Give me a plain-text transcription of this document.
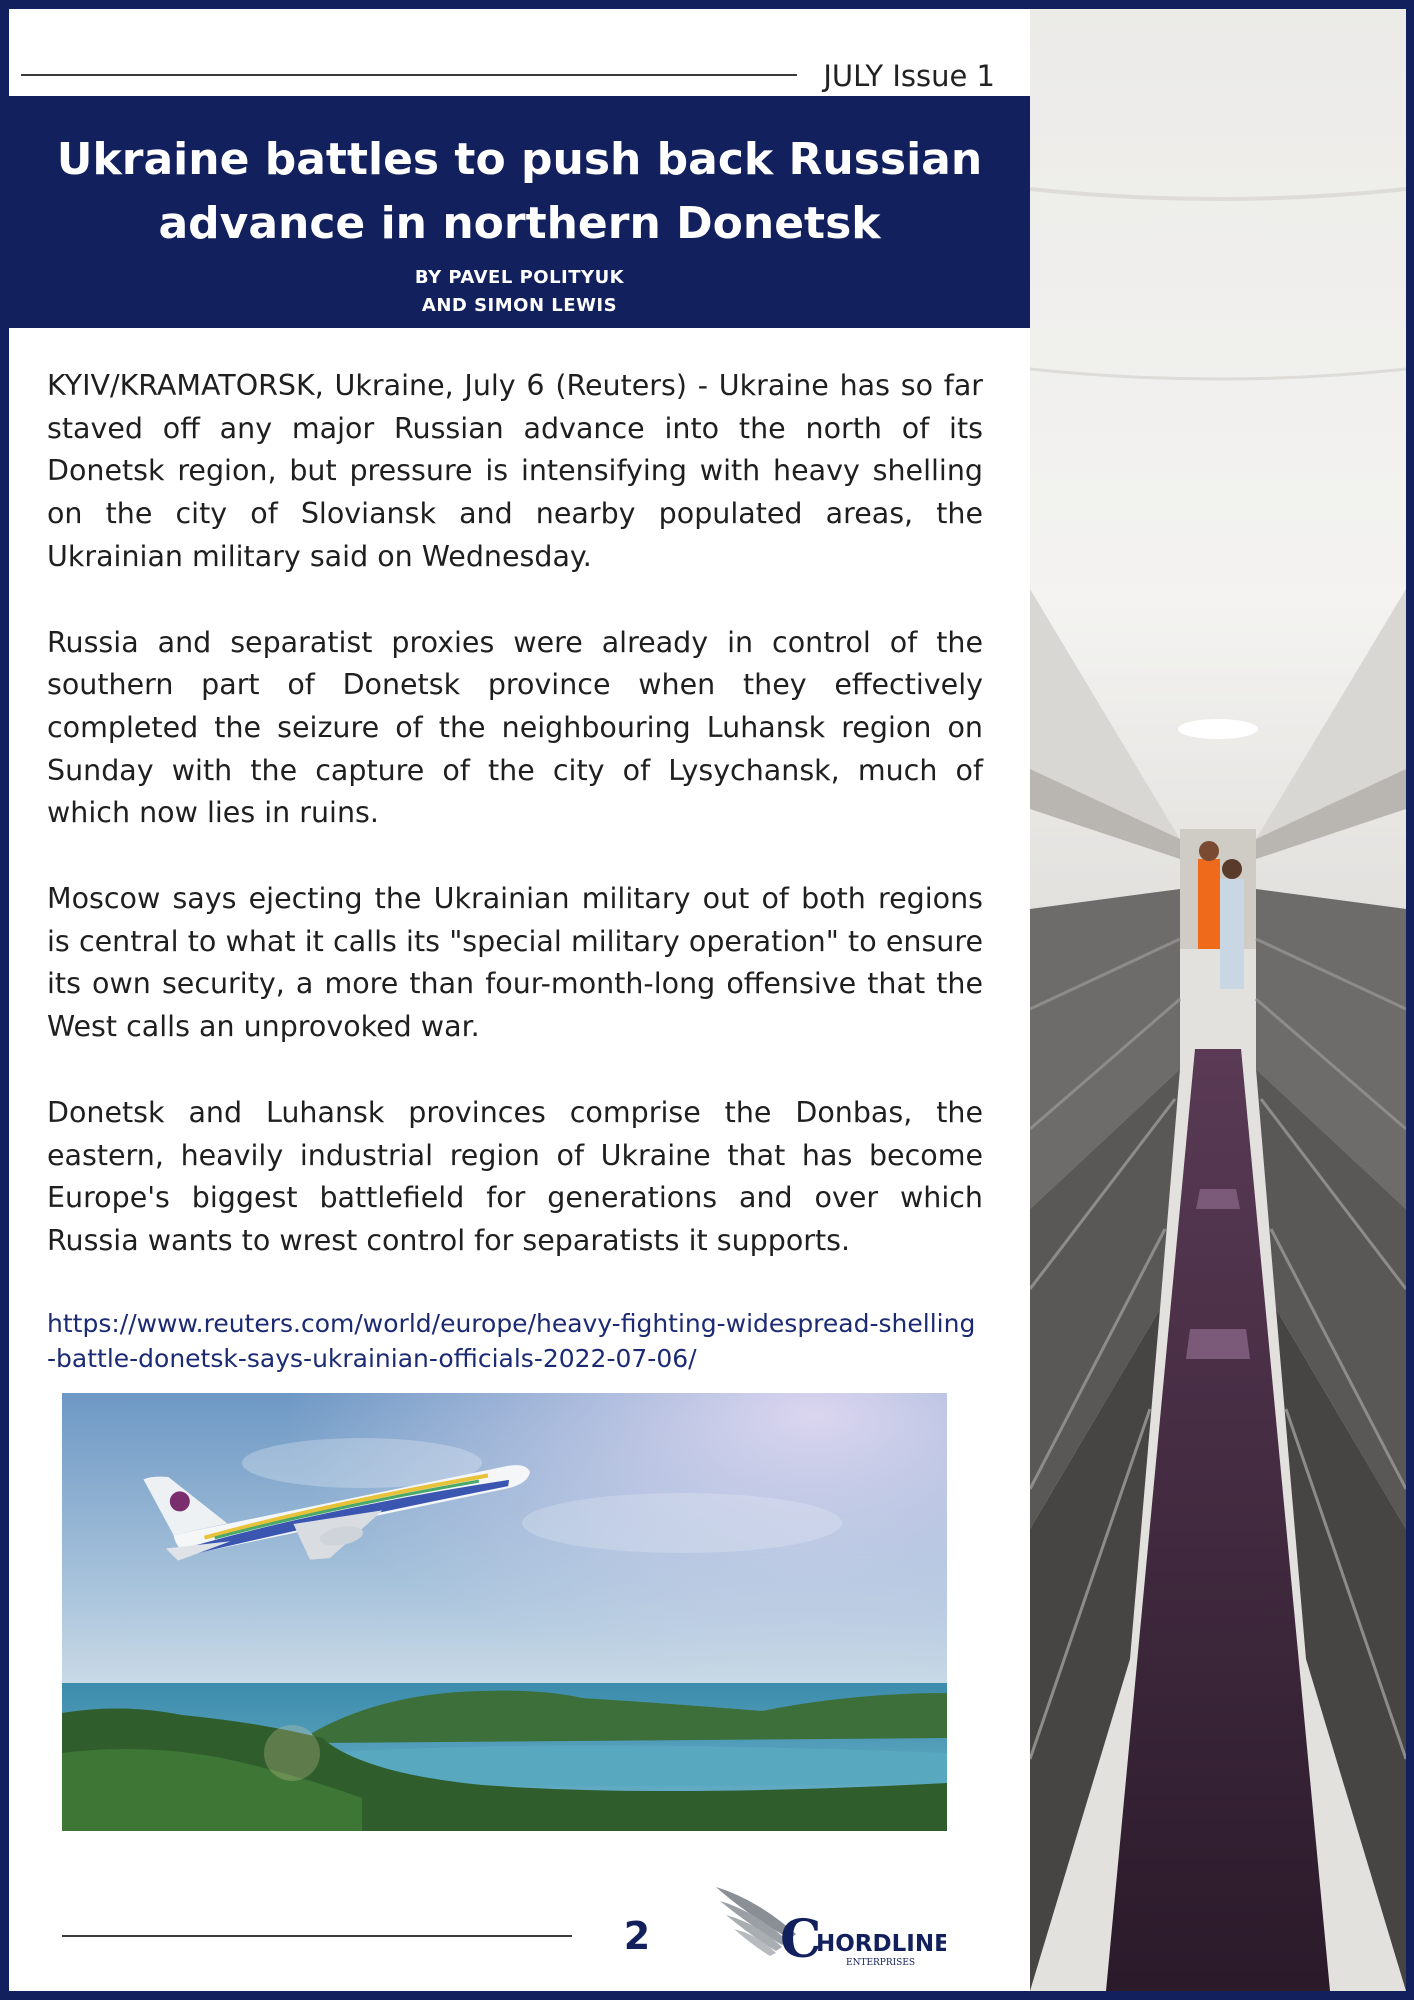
JULY Issue 1
Ukraine battles to push back Russian advance in northern Donetsk
BY PAVEL POLITYUK
AND SIMON LEWIS

KYIV/KRAMATORSK, Ukraine, July 6 (Reuters) - Ukraine has so far staved off any major Russian advance into the north of its Donetsk region, but pressure is intensifying with heavy shelling on the city of Sloviansk and nearby populated areas, the Ukrainian military said on Wednesday.

Russia and separatist proxies were already in control of the southern part of Donetsk province when they effectively completed the seizure of the neighbouring Luhansk region on Sunday with the capture of the city of Lysychansk, much of which now lies in ruins.

Moscow says ejecting the Ukrainian military out of both regions is central to what it calls its "special military operation" to ensure its own security, a more than four-month-long offensive that the West calls an unprovoked war.

Donetsk and Luhansk provinces comprise the Donbas, the eastern, heavily industrial region of Ukraine that has become Europe's biggest battlefield for generations and over which Russia wants to wrest control for separatists it supports.

https://www.reuters.com/world/europe/heavy-fighting-widespread-shelling-battle-donetsk-says-ukrainian-officials-2022-07-06/
2	C
HORDLINE
ENTERPRISES
